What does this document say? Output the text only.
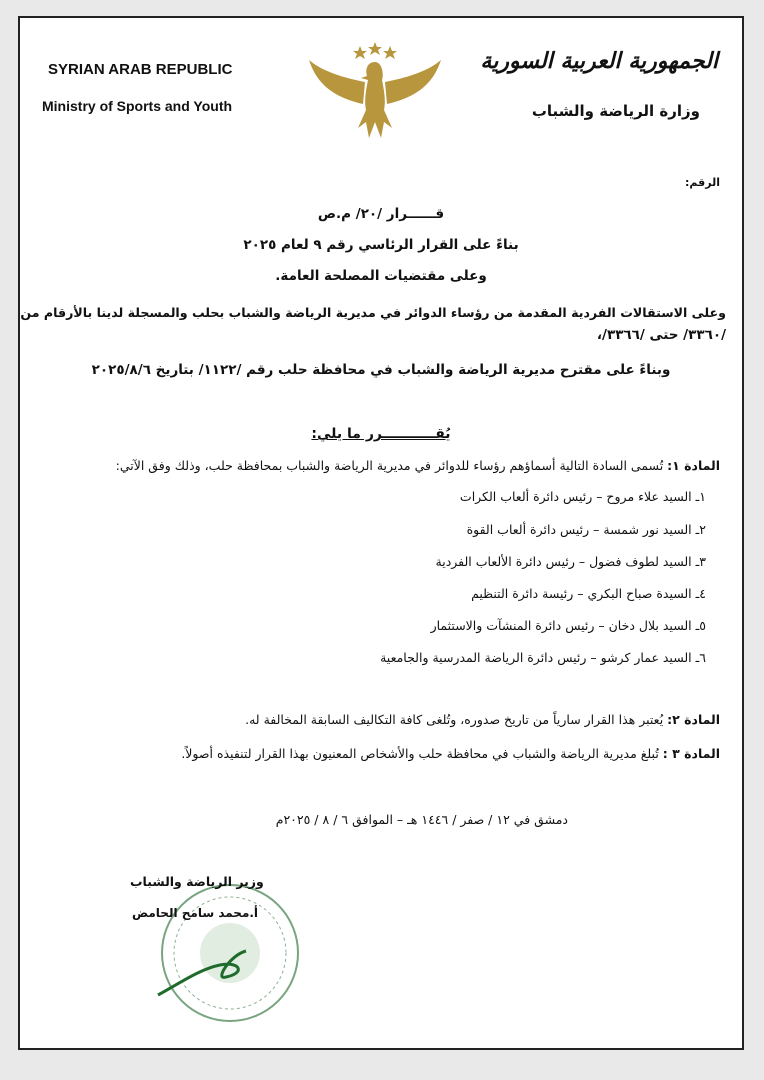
SYRIAN ARAB REPUBLIC
Ministry of Sports and Youth
الجمهورية العربية السورية
وزارة الرياضة والشباب
الرقم:
قــــــرار /٢٠/ م.ص
بناءً على القرار الرئاسي رقم ٩ لعام ٢٠٢٥
وعلى مقتضيات المصلحة العامة.
وعلى الاستقالات الفردية المقدمة من رؤساء الدوائر في مديرية الرياضة والشباب بحلب والمسجلة لدينا بالأرقام من
/٣٣٦٠/ حتى /٣٣٦٦/،
وبناءً على مقترح مديرية الرياضة والشباب في محافظة حلب رقم /١١٢٢/ بتاريخ ٢٠٢٥/٨/٦
يُقـــــــــــرر ما يلي:
المادة ١: تُسمى السادة التالية أسماؤهم رؤساء للدوائر في مديرية الرياضة والشباب بمحافظة حلب، وذلك وفق الآتي:
١ـ السيد علاء مروح – رئيس دائرة ألعاب الكرات
٢ـ السيد نور شمسة – رئيس دائرة ألعاب القوة
٣ـ السيد لطوف فضول – رئيس دائرة الألعاب الفردية
٤ـ السيدة صباح البكري – رئيسة دائرة التنظيم
٥ـ السيد بلال دخان – رئيس دائرة المنشآت والاستثمار
٦ـ السيد عمار كرشو – رئيس دائرة الرياضة المدرسية والجامعية
المادة ٢: يُعتبر هذا القرار سارياً من تاريخ صدوره، وتُلغى كافة التكاليف السابقة المخالفة له.
المادة ٣ : تُبلغ مديرية الرياضة والشباب في محافظة حلب والأشخاص المعنيون بهذا القرار لتنفيذه أصولاً.
دمشق في ١٢ / صفر / ١٤٤٦ هـ – الموافق ٦ / ٨ / ٢٠٢٥م
وزير الرياضة والشباب
أ.محمد سامح الحامض
